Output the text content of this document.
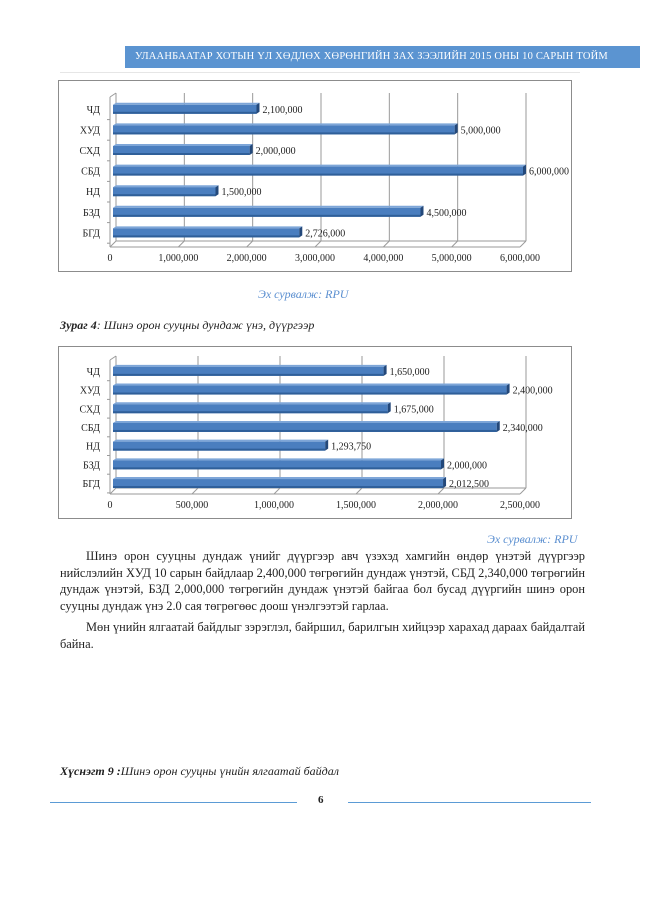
УЛААНБААТАР ХОТЫН ҮЛ ХӨДЛӨХ ХӨРӨНГИЙН ЗАХ ЗЭЭЛИЙН 2015 ОНЫ 10 САРЫН ТОЙМ
0	1,000,000	2,000,000	3,000,000	4,000,000	5,000,000	6,000,000
ЧД	2,100,000
ХУД	5,000,000
СХД	2,000,000
СБД	6,000,000
НД	1,500,000
БЗД	4,500,000
БГД	2,726,000
Эх сурвалж: RPU
Зураг 4: Шинэ орон сууцны дундаж үнэ, дүүргээр
0	500,000	1,000,000	1,500,000	2,000,000	2,500,000
ЧД	1,650,000
ХУД	2,400,000
СХД	1,675,000
СБД	2,340,000
НД	1,293,750
БЗД	2,000,000
БГД	2,012,500
Эх сурвалж: RPU

Шинэ орон сууцны дундаж үнийг дүүргээр авч үзэхэд хамгийн өндөр үнэтэй дүүргээр нийслэлийн ХУД 10 сарын байдлаар 2,400,000 төгрөгийн дундаж үнэтэй, СБД 2,340,000 төгрөгийн дундаж үнэтэй, БЗД 2,000,000 төгрөгийн дундаж үнэтэй байгаа бол бусад дүүргийн шинэ орон сууцны дундаж үнэ 2.0 сая төгрөгөөс доош үнэлгээтэй гарлаа.

Мөн үнийн ялгаатай байдлыг зэрэглэл, байршил, барилгын хийцээр харахад дараах байдалтай байна.

Хүснэгт 9 :Шинэ орон сууцны үнийн ялгаатай байдал
6
